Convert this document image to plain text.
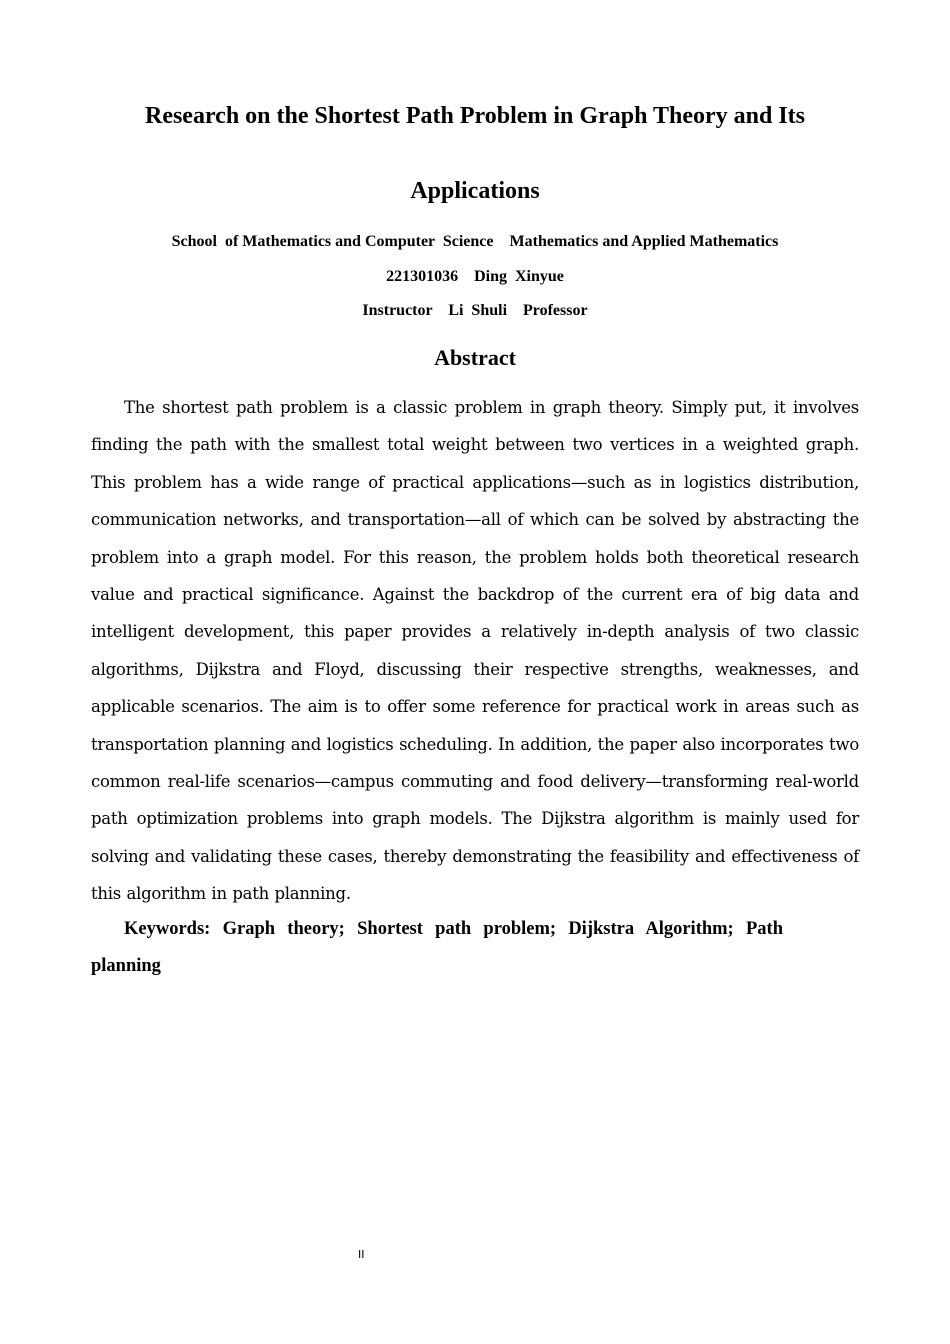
Research on the Shortest Path Problem in Graph Theory and Its
Applications
School  of Mathematics and Computer  Science    Mathematics and Applied Mathematics
221301036    Ding  Xinyue
Instructor    Li  Shuli    Professor
Abstract

The shortest path problem is a classic problem in graph theory. Simply put, it involves finding the path with the smallest total weight between two vertices in a weighted graph. This problem has a wide range of practical applications—such as in logistics distribution, communication networks, and transportation—all of which can be solved by abstracting the problem into a graph model. For this reason, the problem holds both theoretical research value and practical significance. Against the backdrop of the current era of big data and intelligent development, this paper provides a relatively in-depth analysis of two classic algorithms, Dijkstra and Floyd, discussing their respective strengths, weaknesses, and applicable scenarios. The aim is to offer some reference for practical work in areas such as transportation planning and logistics scheduling. In addition, the paper also incorporates two common real-life scenarios—campus commuting and food delivery—transforming real-world path optimization problems into graph models. The Dijkstra algorithm is mainly used for solving and validating these cases, thereby demonstrating the feasibility and effectiveness of this algorithm in path planning.

Keywords: Graph theory; Shortest path problem; Dijkstra Algorithm; Path planning

II
